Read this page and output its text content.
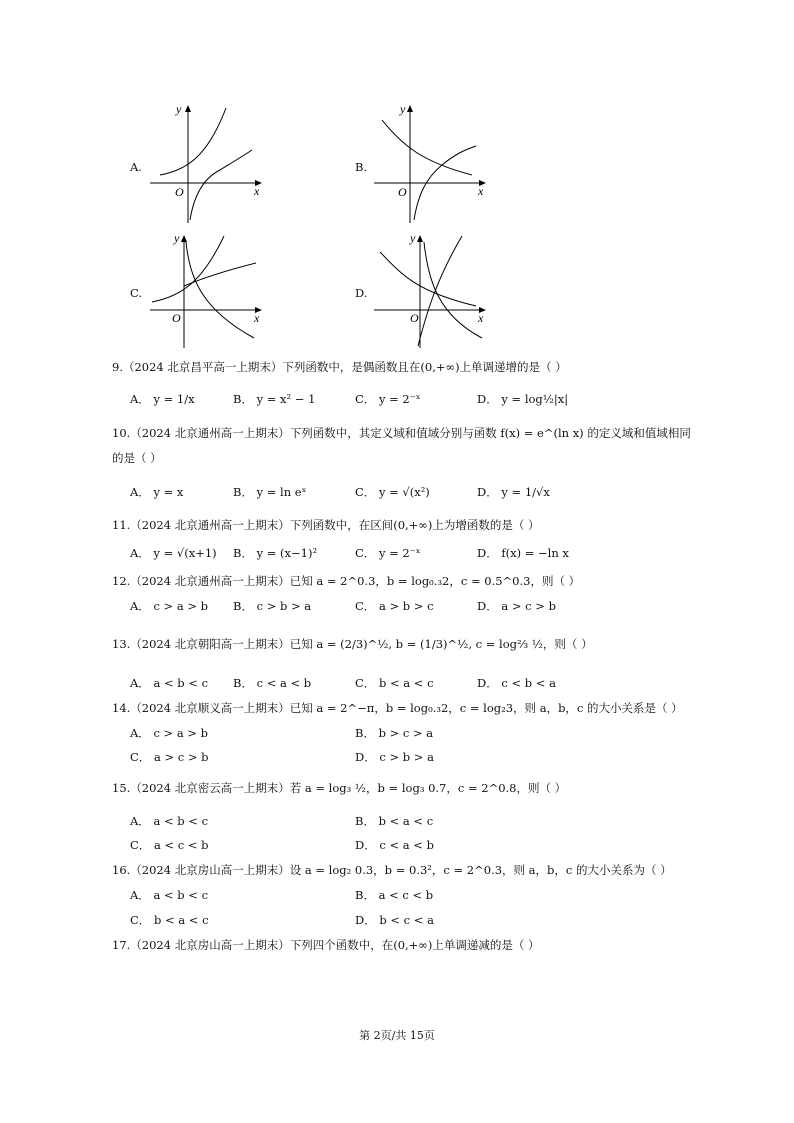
A.
y
x
O
B.
y
x
O
C.
y
x
O
D.
y
x
O
9.（2024 北京昌平高一上期末）下列函数中，是偶函数且在(0,+∞)上单调递增的是（ ）
A． y = 1/x	B． y = x² − 1	C． y = 2⁻ˣ	D． y = log½|x|
10.（2024 北京通州高一上期末）下列函数中，其定义域和值域分别与函数 f(x) = e^(ln x) 的定义域和值域相同
的是（ ）
A． y = x	B． y = ln eˣ	C． y = √(x²)	D． y = 1/√x
11.（2024 北京通州高一上期末）下列函数中，在区间(0,+∞)上为增函数的是（ ）
A． y = √(x+1) B． y = (x−1)²	C． y = 2⁻ˣ	D． f(x) = −ln x
12.（2024 北京通州高一上期末）已知 a = 2^0.3，b = log₀.₃2，c = 0.5^0.3，则（ ）
A． c > a > b B． c > b > a	C． a > b > c	D． a > c > b
13.（2024 北京朝阳高一上期末）已知 a = (2/3)^½, b = (1/3)^½, c = log⅔ ½，则（ ）
A． a < b < c B． c < a < b	C． b < a < c	D． c < b < a
14.（2024 北京顺义高一上期末）已知 a = 2^−π，b = log₀.₃2，c = log₂3，则 a，b，c 的大小关系是（ ）
A． c > a > b	B． b > c > a
C． a > c > b	D． c > b > a
15.（2024 北京密云高一上期末）若 a = log₃ ½，b = log₃ 0.7，c = 2^0.8，则（ ）
A． a < b < c	B． b < a < c
C． a < c < b	D． c < a < b
16.（2024 北京房山高一上期末）设 a = log₂ 0.3，b = 0.3²，c = 2^0.3，则 a，b，c 的大小关系为（ ）
A． a < b < c	B． a < c < b
C． b < a < c	D． b < c < a
17.（2024 北京房山高一上期末）下列四个函数中，在(0,+∞)上单调递减的是（ ）
第 2页/共 15页
